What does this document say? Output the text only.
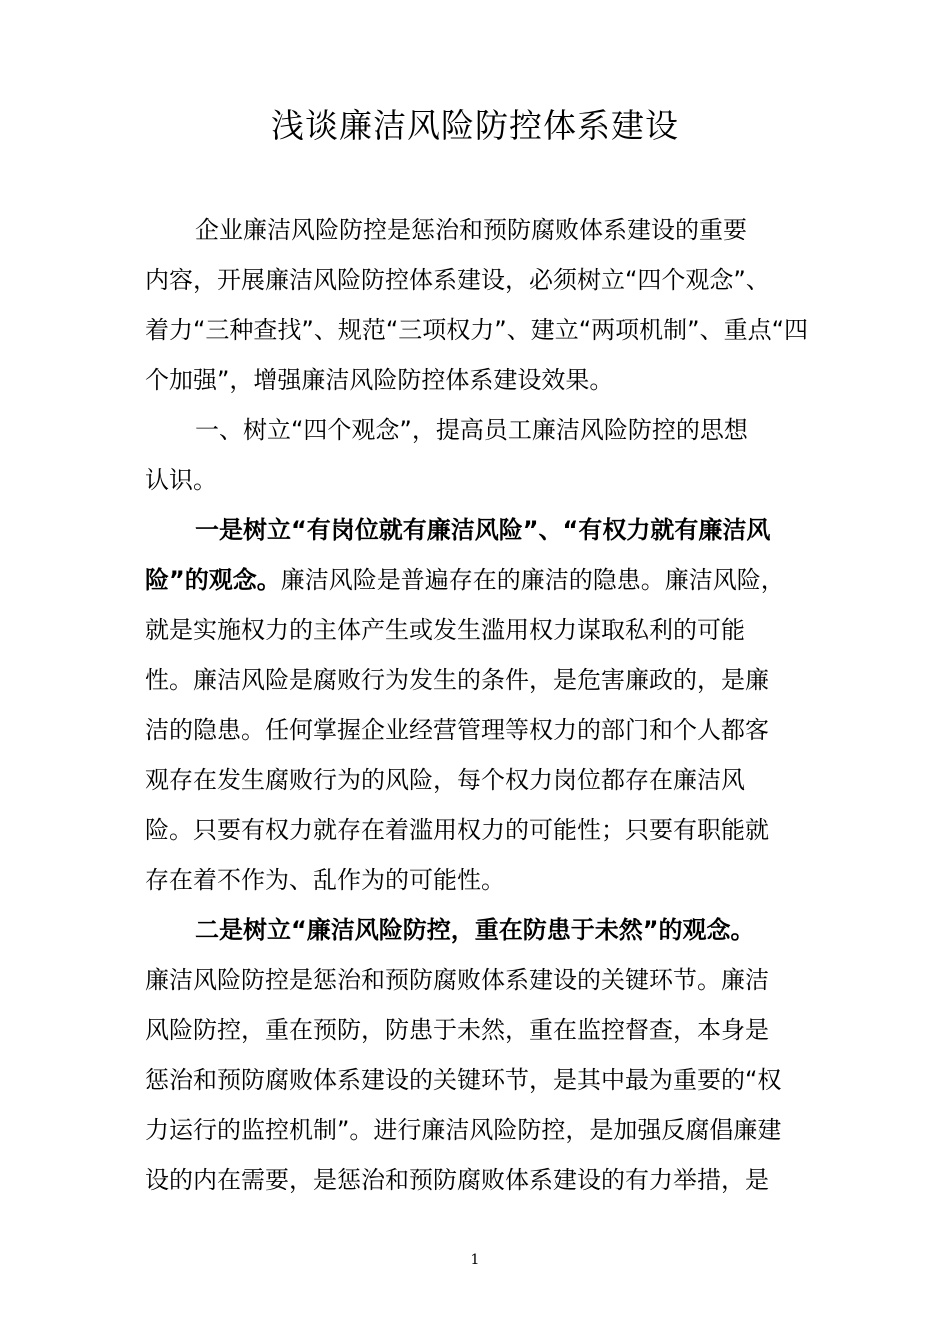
浅谈廉洁风险防控体系建设
企业廉洁风险防控是惩治和预防腐败体系建设的重要
内容，开展廉洁风险防控体系建设，必须树立“四个观念”、
着力“三种查找”、规范“三项权力”、建立“两项机制”、重点“四
个加强”，增强廉洁风险防控体系建设效果。
一、树立“四个观念”，提高员工廉洁风险防控的思想
认识。
一是树立“有岗位就有廉洁风险”、“有权力就有廉洁风
险”的观念。廉洁风险是普遍存在的廉洁的隐患。廉洁风险，
就是实施权力的主体产生或发生滥用权力谋取私利的可能
性。廉洁风险是腐败行为发生的条件，是危害廉政的，是廉
洁的隐患。任何掌握企业经营管理等权力的部门和个人都客
观存在发生腐败行为的风险，每个权力岗位都存在廉洁风
险。只要有权力就存在着滥用权力的可能性；只要有职能就
存在着不作为、乱作为的可能性。
二是树立“廉洁风险防控，重在防患于未然”的观念。
廉洁风险防控是惩治和预防腐败体系建设的关键环节。廉洁
风险防控，重在预防，防患于未然，重在监控督查，本身是
惩治和预防腐败体系建设的关键环节，是其中最为重要的“权
力运行的监控机制”。进行廉洁风险防控，是加强反腐倡廉建
设的内在需要，是惩治和预防腐败体系建设的有力举措，是
1
